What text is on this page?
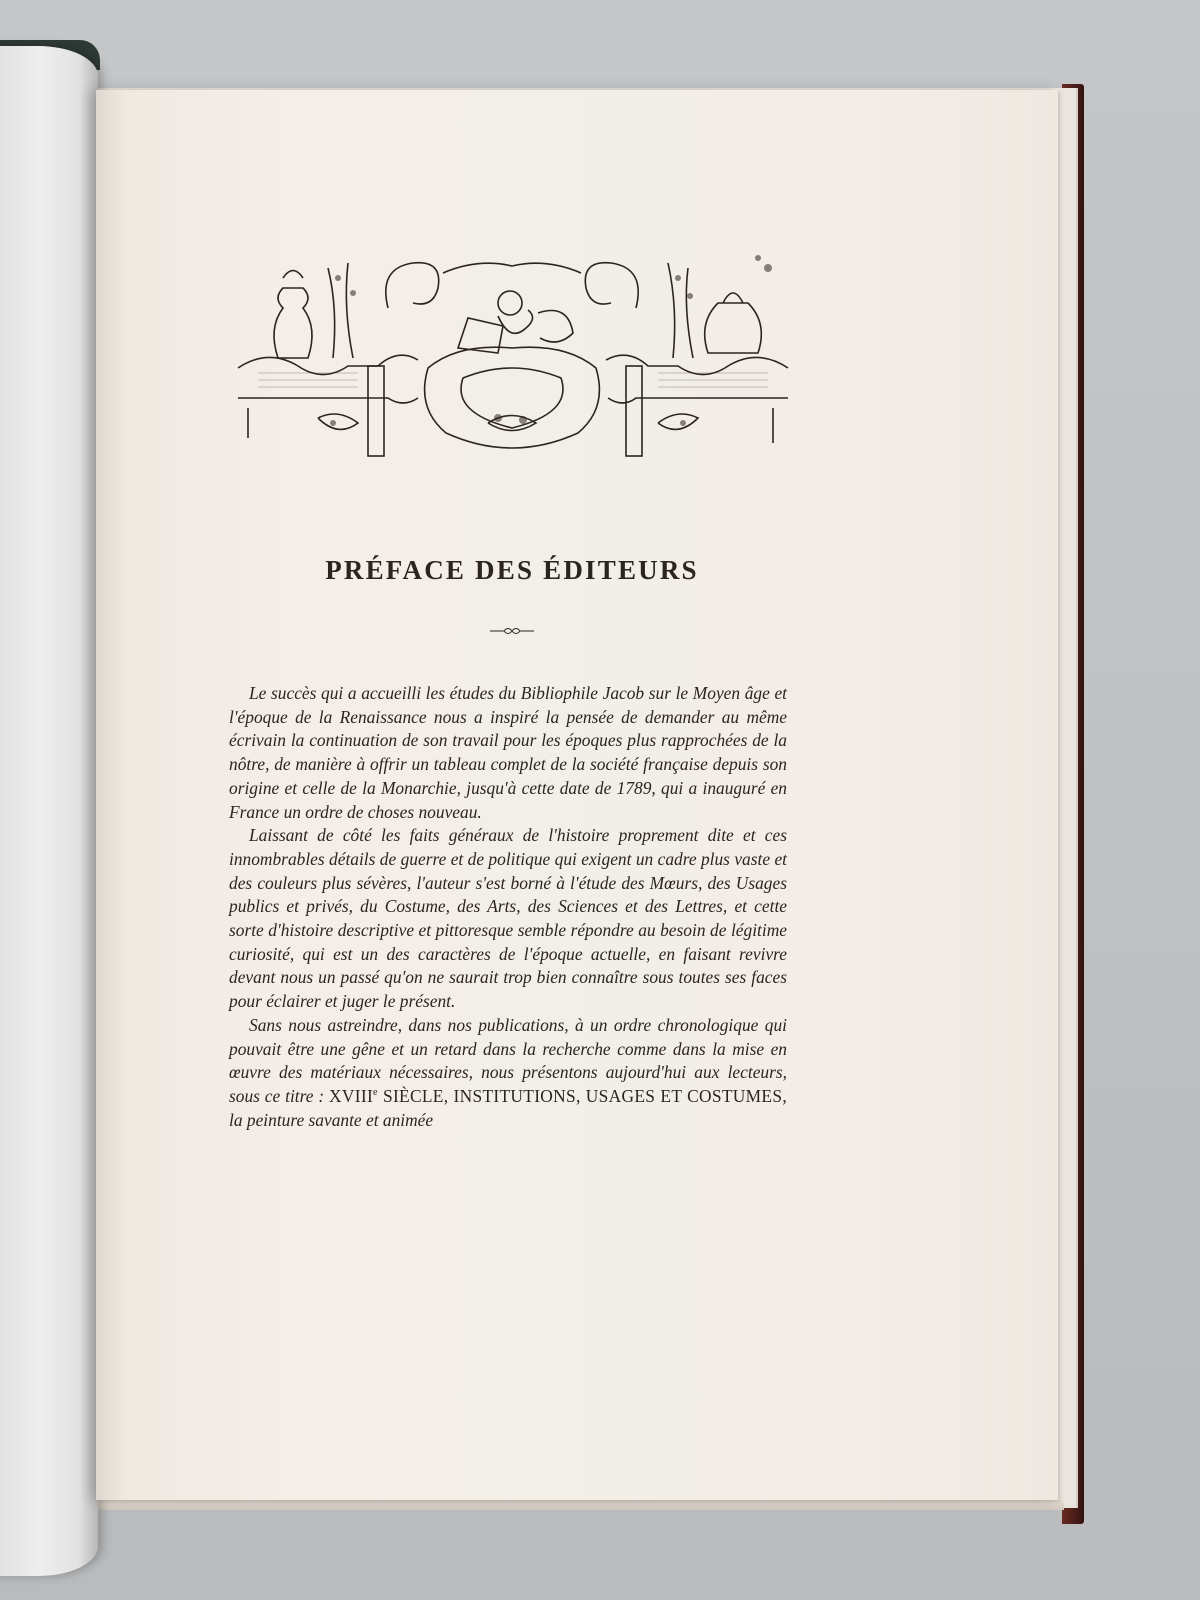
PRÉFACE DES ÉDITEURS

Le succès qui a accueilli les études du Bibliophile Jacob sur le Moyen âge et l'époque de la Renaissance nous a inspiré la pensée de demander au même écrivain la continuation de son travail pour les époques plus rapprochées de la nôtre, de manière à offrir un tableau complet de la société française depuis son origine et celle de la Monarchie, jusqu'à cette date de 1789, qui a inauguré en France un ordre de choses nouveau.

Laissant de côté les faits généraux de l'histoire proprement dite et ces innombrables détails de guerre et de politique qui exigent un cadre plus vaste et des couleurs plus sévères, l'auteur s'est borné à l'étude des Mœurs, des Usages publics et privés, du Costume, des Arts, des Sciences et des Lettres, et cette sorte d'histoire descriptive et pittoresque semble répondre au besoin de légitime curiosité, qui est un des caractères de l'époque actuelle, en faisant revivre devant nous un passé qu'on ne saurait trop bien connaître sous toutes ses faces pour éclairer et juger le présent.

Sans nous astreindre, dans nos publications, à un ordre chronologique qui pouvait être une gêne et un retard dans la recherche comme dans la mise en œuvre des matériaux nécessaires, nous présentons aujourd'hui aux lecteurs, sous ce titre : XVIIIe SIÈCLE, INSTITUTIONS, USAGES ET COSTUMES, la peinture savante et animée
